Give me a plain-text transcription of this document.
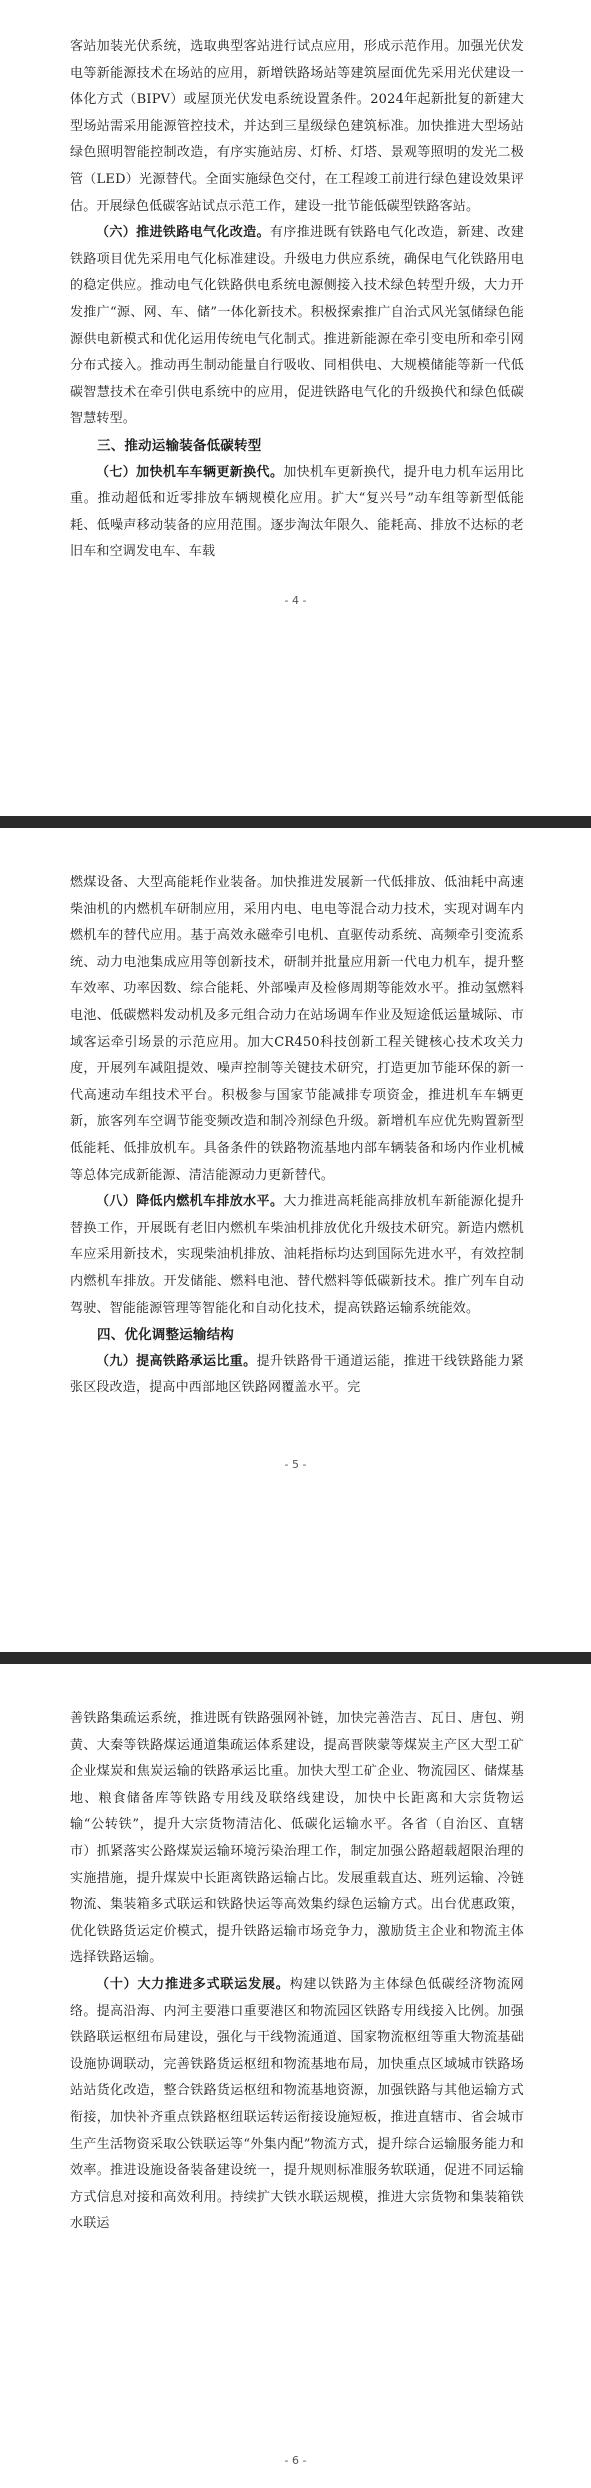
客站加装光伏系统，选取典型客站进行试点应用，形成示范作用。加强光伏发电等新能源技术在场站的应用，新增铁路场站等建筑屋面优先采用光伏建设一体化方式（BIPV）或屋顶光伏发电系统设置条件。2024年起新批复的新建大型场站需采用能源管控技术，并达到三星级绿色建筑标准。加快推进大型场站绿色照明智能控制改造，有序实施站房、灯桥、灯塔、景观等照明的发光二极管（LED）光源替代。全面实施绿色交付，在工程竣工前进行绿色建设效果评估。开展绿色低碳客站试点示范工作，建设一批节能低碳型铁路客站。

（六）推进铁路电气化改造。有序推进既有铁路电气化改造，新建、改建铁路项目优先采用电气化标准建设。升级电力供应系统，确保电气化铁路用电的稳定供应。推动电气化铁路供电系统电源侧接入技术绿色转型升级，大力开发推广“源、网、车、储”一体化新技术。积极探索推广自治式风光氢储绿色能源供电新模式和优化运用传统电气化制式。推进新能源在牵引变电所和牵引网分布式接入。推动再生制动能量自行吸收、同相供电、大规模储能等新一代低碳智慧技术在牵引供电系统中的应用，促进铁路电气化的升级换代和绿色低碳智慧转型。

三、推动运输装备低碳转型

（七）加快机车车辆更新换代。加快机车更新换代，提升电力机车运用比重。推动超低和近零排放车辆规模化应用。扩大“复兴号”动车组等新型低能耗、低噪声移动装备的应用范围。逐步淘汰年限久、能耗高、排放不达标的老旧车和空调发电车、车载

- 4 -

燃煤设备、大型高能耗作业装备。加快推进发展新一代低排放、低油耗中高速柴油机的内燃机车研制应用，采用内电、电电等混合动力技术，实现对调车内燃机车的替代应用。基于高效永磁牵引电机、直驱传动系统、高频牵引变流系统、动力电池集成应用等创新技术，研制并批量应用新一代电力机车，提升整车效率、功率因数、综合能耗、外部噪声及检修周期等能效水平。推动氢燃料电池、低碳燃料发动机及多元组合动力在站场调车作业及短途低运量城际、市域客运牵引场景的示范应用。加大CR450科技创新工程关键核心技术攻关力度，开展列车减阻提效、噪声控制等关键技术研究，打造更加节能环保的新一代高速动车组技术平台。积极参与国家节能减排专项资金，推进机车车辆更新，旅客列车空调节能变频改造和制冷剂绿色升级。新增机车应优先购置新型低能耗、低排放机车。具备条件的铁路物流基地内部车辆装备和场内作业机械等总体完成新能源、清洁能源动力更新替代。

（八）降低内燃机车排放水平。大力推进高耗能高排放机车新能源化提升替换工作，开展既有老旧内燃机车柴油机排放优化升级技术研究。新造内燃机车应采用新技术，实现柴油机排放、油耗指标均达到国际先进水平，有效控制内燃机车排放。开发储能、燃料电池、替代燃料等低碳新技术。推广列车自动驾驶、智能能源管理等智能化和自动化技术，提高铁路运输系统能效。

四、优化调整运输结构

（九）提高铁路承运比重。提升铁路骨干通道运能，推进干线铁路能力紧张区段改造，提高中西部地区铁路网覆盖水平。完

- 5 -

善铁路集疏运系统，推进既有铁路强网补链，加快完善浩吉、瓦日、唐包、朔黄、大秦等铁路煤运通道集疏运体系建设，提高晋陕蒙等煤炭主产区大型工矿企业煤炭和焦炭运输的铁路承运比重。加快大型工矿企业、物流园区、储煤基地、粮食储备库等铁路专用线及联络线建设，加快中长距离和大宗货物运输“公转铁”，提升大宗货物清洁化、低碳化运输水平。各省（自治区、直辖市）抓紧落实公路煤炭运输环境污染治理工作，制定加强公路超载超限治理的实施措施，提升煤炭中长距离铁路运输占比。发展重载直达、班列运输、冷链物流、集装箱多式联运和铁路快运等高效集约绿色运输方式。出台优惠政策，优化铁路货运定价模式，提升铁路运输市场竞争力，激励货主企业和物流主体选择铁路运输。

（十）大力推进多式联运发展。构建以铁路为主体绿色低碳经济物流网络。提高沿海、内河主要港口重要港区和物流园区铁路专用线接入比例。加强铁路联运枢纽布局建设，强化与干线物流通道、国家物流枢纽等重大物流基础设施协调联动，完善铁路货运枢纽和物流基地布局，加快重点区域城市铁路场站站货化改造，整合铁路货运枢纽和物流基地资源，加强铁路与其他运输方式衔接，加快补齐重点铁路枢纽联运转运衔接设施短板，推进直辖市、省会城市生产生活物资采取公铁联运等“外集内配”物流方式，提升综合运输服务能力和效率。推进设施设备装备建设统一，提升规则标准服务软联通，促进不同运输方式信息对接和高效利用。持续扩大铁水联运规模，推进大宗货物和集装箱铁水联运

- 6 -
